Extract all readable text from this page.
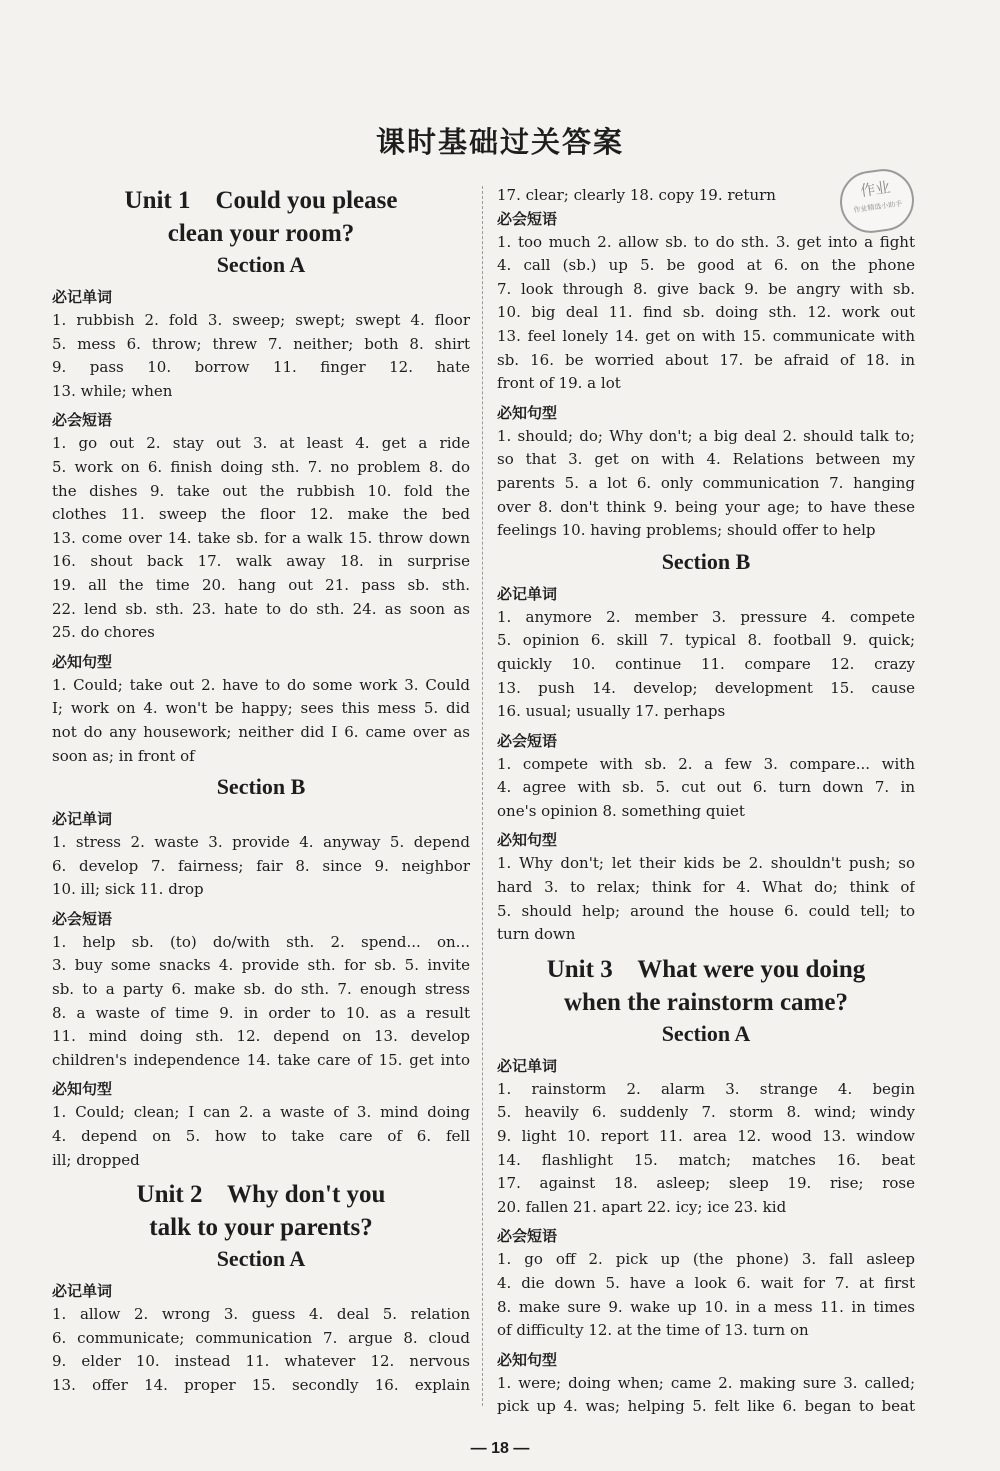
课时基础过关答案
作业
作业精选小助手
Unit 1    Could you please
clean your room?
Section A
必记单词
1. rubbish 2. fold 3. sweep; swept; swept 4. floor
5. mess 6. throw; threw 7. neither; both 8. shirt
9. pass 10. borrow 11. finger 12. hate
13. while; when
必会短语
1. go out 2. stay out 3. at least 4. get a ride
5. work on 6. finish doing sth. 7. no problem 8. do
the dishes 9. take out the rubbish 10. fold the
clothes 11. sweep the floor 12. make the bed
13. come over 14. take sb. for a walk 15. throw down
16. shout back 17. walk away 18. in surprise
19. all the time 20. hang out 21. pass sb. sth.
22. lend sb. sth. 23. hate to do sth. 24. as soon as
25. do chores
必知句型
1. Could; take out 2. have to do some work 3. Could
I; work on 4. won't be happy; sees this mess 5. did
not do any housework; neither did I 6. came over as
soon as; in front of
Section B
必记单词
1. stress 2. waste 3. provide 4. anyway 5. depend
6. develop 7. fairness; fair 8. since 9. neighbor
10. ill; sick 11. drop
必会短语
1. help sb. (to) do/with sth. 2. spend... on...
3. buy some snacks 4. provide sth. for sb. 5. invite
sb. to a party 6. make sb. do sth. 7. enough stress
8. a waste of time 9. in order to 10. as a result
11. mind doing sth. 12. depend on 13. develop
children's independence 14. take care of 15. get into
必知句型
1. Could; clean; I can 2. a waste of 3. mind doing
4. depend on 5. how to take care of 6. fell
ill; dropped
Unit 2    Why don't you
talk to your parents?
Section A
必记单词
1. allow 2. wrong 3. guess 4. deal 5. relation
6. communicate; communication 7. argue 8. cloud
9. elder 10. instead 11. whatever 12. nervous
13. offer 14. proper 15. secondly 16. explain
17. clear; clearly 18. copy 19. return
必会短语
1. too much 2. allow sb. to do sth. 3. get into a fight
4. call (sb.) up 5. be good at 6. on the phone
7. look through 8. give back 9. be angry with sb.
10. big deal 11. find sb. doing sth. 12. work out
13. feel lonely 14. get on with 15. communicate with
sb. 16. be worried about 17. be afraid of 18. in
front of 19. a lot
必知句型
1. should; do; Why don't; a big deal 2. should talk to;
so that 3. get on with 4. Relations between my
parents 5. a lot 6. only communication 7. hanging
over 8. don't think 9. being your age; to have these
feelings 10. having problems; should offer to help
Section B
必记单词
1. anymore 2. member 3. pressure 4. compete
5. opinion 6. skill 7. typical 8. football 9. quick;
quickly 10. continue 11. compare 12. crazy
13. push 14. develop; development 15. cause
16. usual; usually 17. perhaps
必会短语
1. compete with sb. 2. a few 3. compare... with
4. agree with sb. 5. cut out 6. turn down 7. in
one's opinion 8. something quiet
必知句型
1. Why don't; let their kids be 2. shouldn't push; so
hard 3. to relax; think for 4. What do; think of
5. should help; around the house 6. could tell; to
turn down
Unit 3    What were you doing
when the rainstorm came?
Section A
必记单词
1. rainstorm 2. alarm 3. strange 4. begin
5. heavily 6. suddenly 7. storm 8. wind; windy
9. light 10. report 11. area 12. wood 13. window
14. flashlight 15. match; matches 16. beat
17. against 18. asleep; sleep 19. rise; rose
20. fallen 21. apart 22. icy; ice 23. kid
必会短语
1. go off 2. pick up (the phone) 3. fall asleep
4. die down 5. have a look 6. wait for 7. at first
8. make sure 9. wake up 10. in a mess 11. in times
of difficulty 12. at the time of 13. turn on
必知句型
1. were; doing when; came 2. making sure 3. called;
pick up 4. was; helping 5. felt like 6. began to beat
— 18 —
